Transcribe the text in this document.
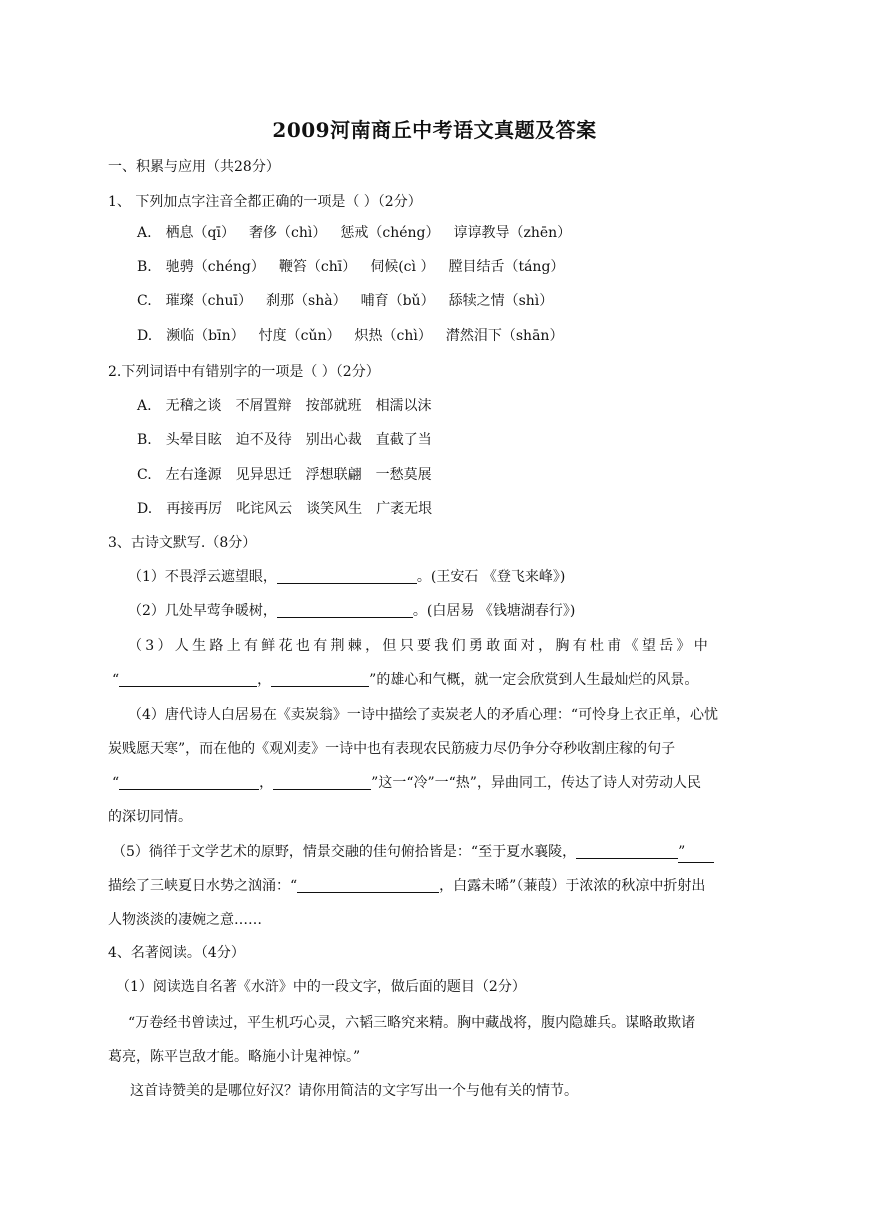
2009河南商丘中考语文真题及答案
一、积累与应用（共28分）
1、 下列加点字注音全都正确的一项是（ ）（2分）
A. 栖息（qī） 奢侈（chì） 惩戒（chéng） 谆谆教导（zhēn）
B. 驰骋（chéng） 鞭笞（chī） 伺候(cì ） 膛目结舌（táng）
C. 璀璨（chuī） 刹那（shà） 哺育（bǔ） 舔犊之情（shì）
D. 濒临（bīn） 忖度（cǔn） 炽热（chì） 潸然泪下（shān）
2.下列词语中有错别字的一项是（ ）（2分）
A. 无稽之谈 不屑置辩 按部就班 相濡以沫
B. 头晕目眩 迫不及待 别出心裁 直截了当
C. 左右逢源 见异思迁 浮想联翩 一愁莫展
D. 再接再厉 叱诧风云 谈笑风生 广袤无垠
3、古诗文默写.（8分）
（1）不畏浮云遮望眼，	。(王安石 《登飞来峰》)
（2）几处早莺争暖树，	。(白居易 《钱塘湖春行》)
（3）人生路上有鲜花也有荆棘，但只要我们勇敢面对，胸有杜甫《望岳》中
“	，	”的雄心和气概，就一定会欣赏到人生最灿烂的风景。
（4）唐代诗人白居易在《卖炭翁》一诗中描绘了卖炭老人的矛盾心理：“可怜身上衣正单，心忧
炭贱愿天寒”，而在他的《观刈麦》一诗中也有表现农民筋疲力尽仍争分夺秒收割庄稼的句子
“	，	”这一“冷”一“热”，异曲同工，传达了诗人对劳动人民
的深切同情。
（5）徜徉于文学艺术的原野，情景交融的佳句俯拾皆是：“至于夏水襄陵，	”
描绘了三峡夏日水势之汹涌：“	，白露未晞”（蒹葭）于浓浓的秋凉中折射出
人物淡淡的凄婉之意……
4、名著阅读。（4分）
（1）阅读选自名著《水浒》中的一段文字，做后面的题目（2分）
“万卷经书曾读过，平生机巧心灵，六韬三略究来精。胸中藏战将，腹内隐雄兵。谋略敢欺诸
葛亮，陈平岂敌才能。略施小计鬼神惊。”
这首诗赞美的是哪位好汉？请你用简洁的文字写出一个与他有关的情节。
